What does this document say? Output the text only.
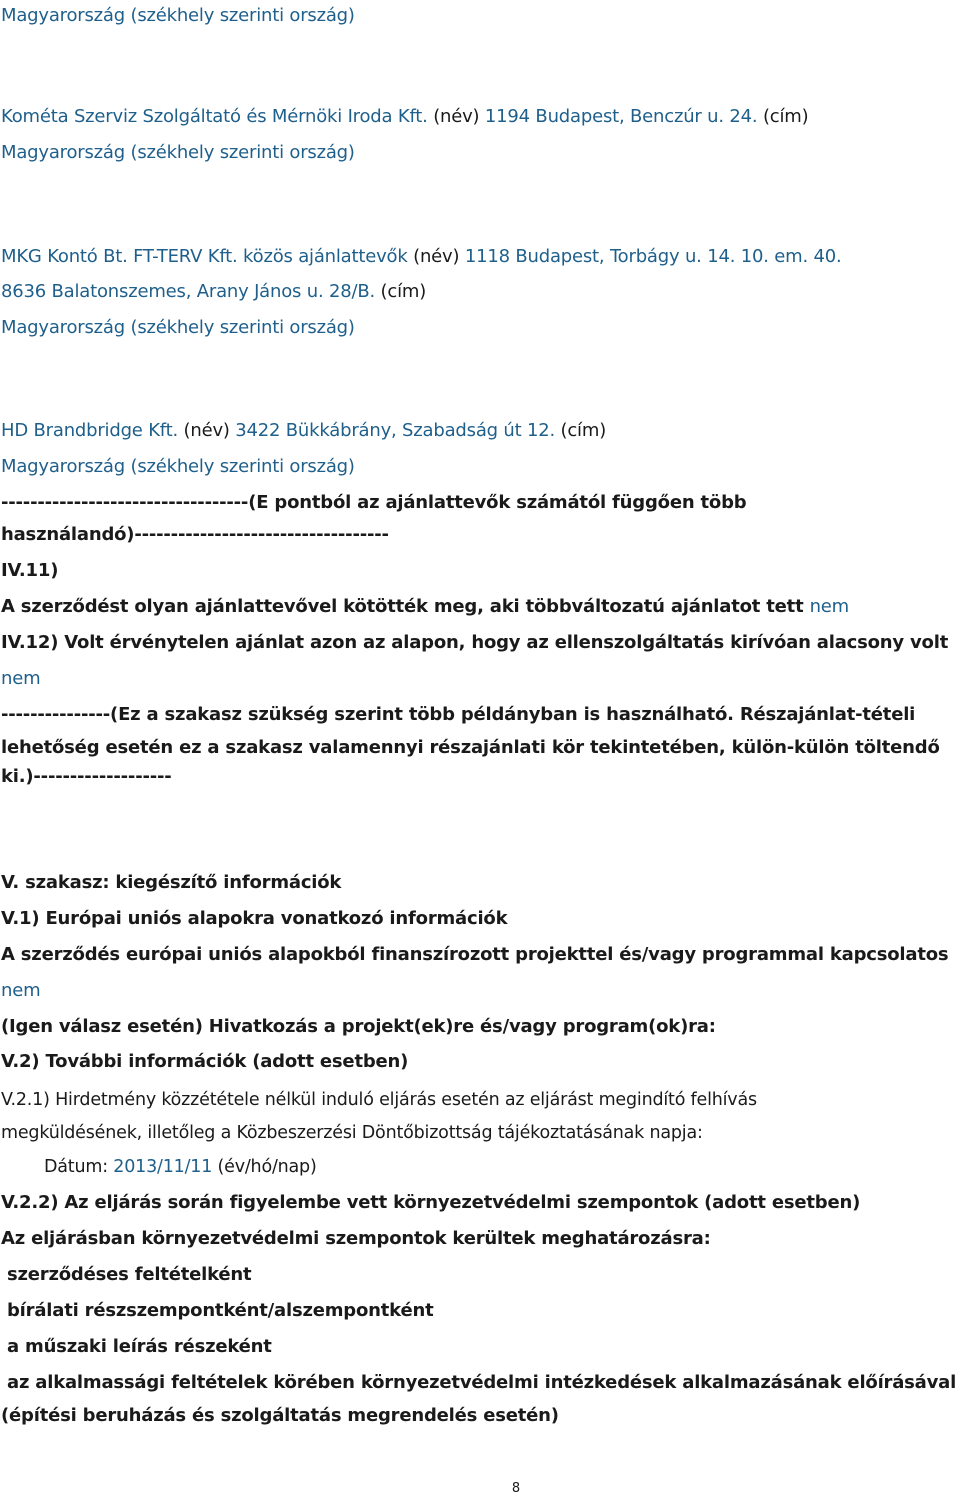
Magyarország (székhely szerinti ország)
Kométa Szerviz Szolgáltató és Mérnöki Iroda Kft. (név) 1194 Budapest, Benczúr u. 24. (cím)
Magyarország (székhely szerinti ország)
MKG Kontó Bt. FT-TERV Kft. közös ajánlattevők (név) 1118 Budapest, Torbágy u. 14. 10. em. 40.
8636 Balatonszemes, Arany János u. 28/B. (cím)
Magyarország (székhely szerinti ország)
HD Brandbridge Kft. (név) 3422 Bükkábrány, Szabadság út 12. (cím)
Magyarország (székhely szerinti ország)
----------------------------------(E pontból az ajánlattevők számától függően több
használandó)-----------------------------------
IV.11)
A szerződést olyan ajánlattevővel kötötték meg, aki többváltozatú ajánlatot tett nem
IV.12) Volt érvénytelen ajánlat azon az alapon, hogy az ellenszolgáltatás kirívóan alacsony volt
nem
---------------(Ez a szakasz szükség szerint több példányban is használható. Részajánlat-tételi
lehetőség esetén ez a szakasz valamennyi részajánlati kör tekintetében, külön-külön töltendő
ki.)-------------------
V. szakasz: kiegészítő információk
V.1) Európai uniós alapokra vonatkozó információk
A szerződés európai uniós alapokból finanszírozott projekttel és/vagy programmal kapcsolatos
nem
(Igen válasz esetén) Hivatkozás a projekt(ek)re és/vagy program(ok)ra:
V.2) További információk (adott esetben)
V.2.1) Hirdetmény közzététele nélkül induló eljárás esetén az eljárást megindító felhívás
megküldésének, illetőleg a Közbeszerzési Döntőbizottság tájékoztatásának napja:
Dátum: 2013/11/11 (év/hó/nap)
V.2.2) Az eljárás során figyelembe vett környezetvédelmi szempontok (adott esetben)
Az eljárásban környezetvédelmi szempontok kerültek meghatározásra:
szerződéses feltételként
bírálati részszempontként/alszempontként
a műszaki leírás részeként
az alkalmassági feltételek körében környezetvédelmi intézkedések alkalmazásának előírásával
(építési beruházás és szolgáltatás megrendelés esetén)
8
